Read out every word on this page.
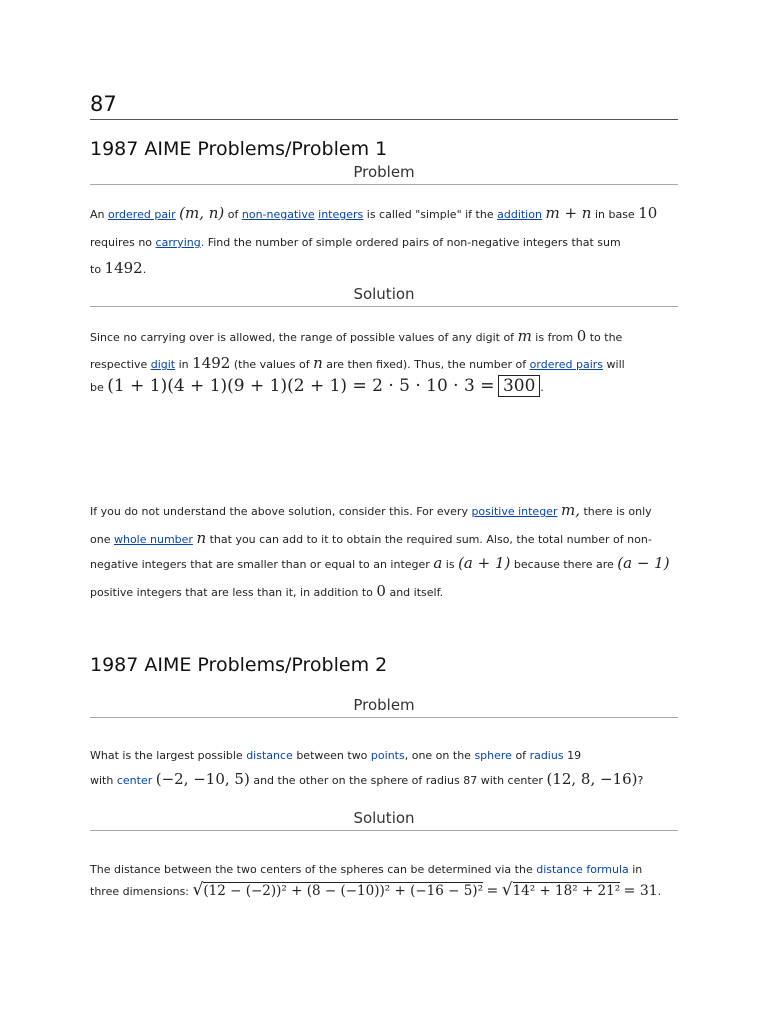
87
1987 AIME Problems/Problem 1
Problem
An ordered pair (m, n) of non-negative integers is called "simple" if the addition m + n in base 10
requires no carrying. Find the number of simple ordered pairs of non-negative integers that sum
to 1492.
Solution
Since no carrying over is allowed, the range of possible values of any digit of m is from 0 to the
respective digit in 1492 (the values of n are then fixed). Thus, the number of ordered pairs will
be (1 + 1)(4 + 1)(9 + 1)(2 + 1) = 2 · 5 · 10 · 3 = 300 .
If you do not understand the above solution, consider this. For every positive integer m, there is only
one whole number n that you can add to it to obtain the required sum. Also, the total number of non-
negative integers that are smaller than or equal to an integer a is (a + 1) because there are (a − 1)
positive integers that are less than it, in addition to 0 and itself.
1987 AIME Problems/Problem 2
Problem
What is the largest possible distance between two points, one on the sphere of radius 19
with center (−2, −10, 5) and the other on the sphere of radius 87 with center (12, 8, −16)?
Solution
The distance between the two centers of the spheres can be determined via the distance formula in
three dimensions: √(12 − (−2))² + (8 − (−10))² + (−16 − 5)² = √14² + 18² + 21² = 31.
